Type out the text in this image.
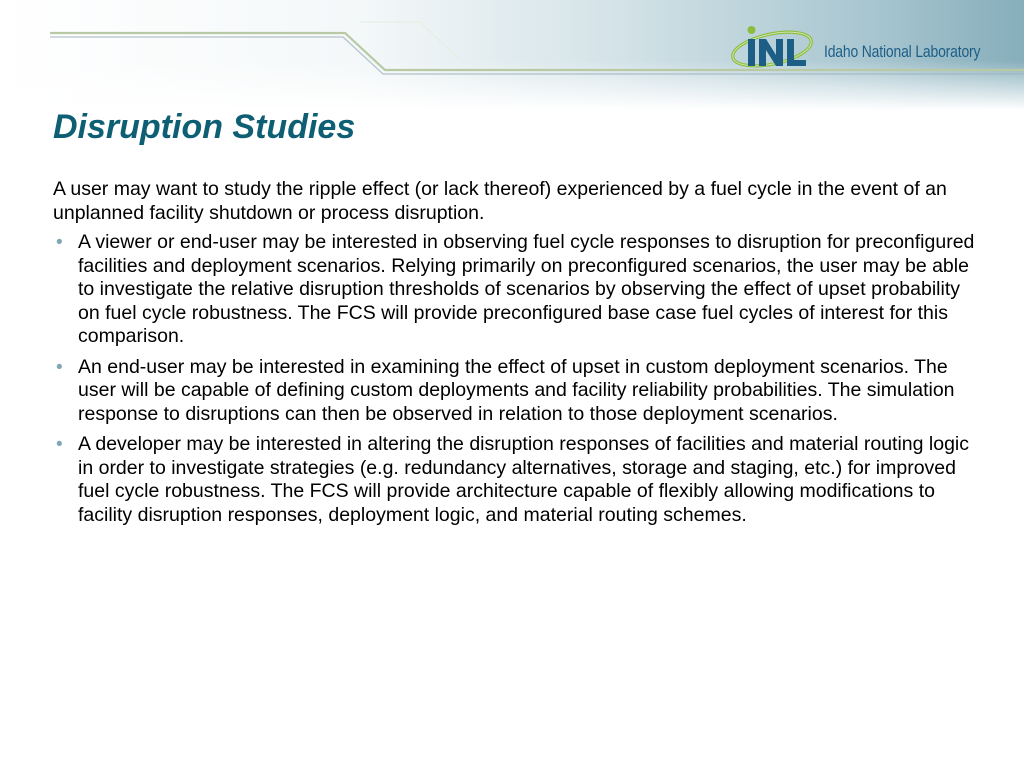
Idaho National Laboratory
Disruption Studies

A user may want to study the ripple effect (or lack thereof) experienced by a fuel cycle in the event of an unplanned facility shutdown or process disruption.

• A viewer or end-user may be interested in observing fuel cycle responses to disruption for preconfigured facilities and deployment scenarios. Relying primarily on preconfigured scenarios, the user may be able to investigate the relative disruption thresholds of scenarios by observing the effect of upset probability on fuel cycle robustness. The FCS will provide preconfigured base case fuel cycles of interest for this comparison.
• An end-user may be interested in examining the effect of upset in custom deployment scenarios. The user will be capable of defining custom deployments and facility reliability probabilities. The simulation response to disruptions can then be observed in relation to those deployment scenarios.
• A developer may be interested in altering the disruption responses of facilities and material routing logic in order to investigate strategies (e.g. redundancy alternatives, storage and staging, etc.) for improved fuel cycle robustness. The FCS will provide architecture capable of flexibly allowing modifications to facility disruption responses, deployment logic, and material routing schemes.
